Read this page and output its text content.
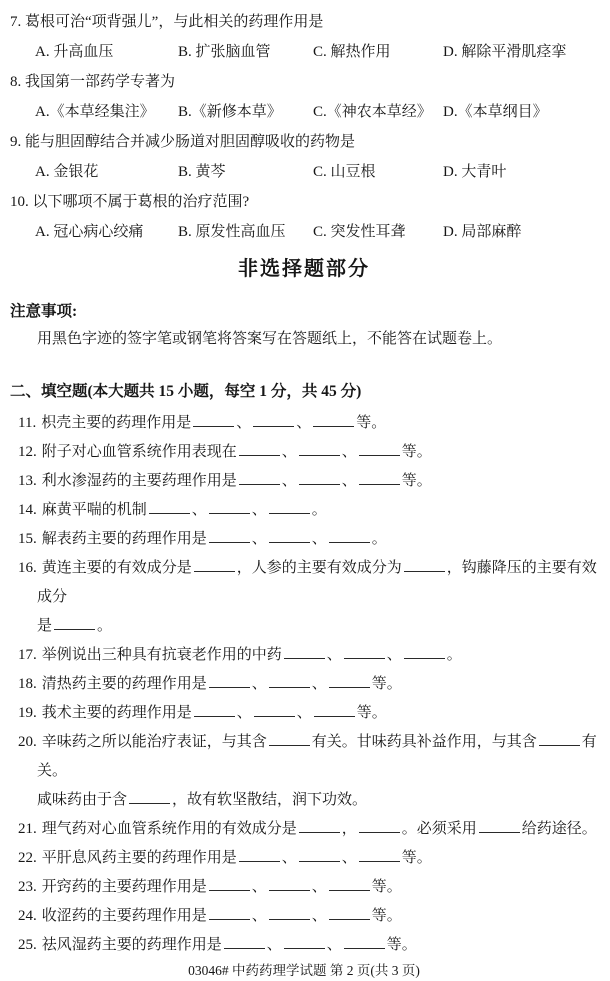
7. 葛根可治“项背强儿”，与此相关的药理作用是
A. 升高血压	B. 扩张脑血管	C. 解热作用	D. 解除平滑肌痉挛
8. 我国第一部药学专著为
A.《本草经集注》	B.《新修本草》	C.《神农本草经》 D.《本草纲目》
9. 能与胆固醇结合并减少肠道对胆固醇吸收的药物是
A. 金银花	B. 黄芩	C. 山豆根	D. 大青叶
10. 以下哪项不属于葛根的治疗范围?
A. 冠心病心绞痛	B. 原发性高血压	C. 突发性耳聋	D. 局部麻醉
非选择题部分
注意事项:
用黑色字迹的签字笔或钢笔将答案写在答题纸上，不能答在试题卷上。
二、填空题(本大题共 15 小题，每空 1 分，共 45 分)
11. 枳壳主要的药理作用是	、	、	等。
12. 附子对心血管系统作用表现在	、	、	等。
13. 利水渗湿药的主要药理作用是	、	、	等。
14. 麻黄平喘的机制	、	、	。
15. 解表药主要的药理作用是	、	、	。
16. 黄连主要的有效成分是	，人参的主要有效成分为	，钩藤降压的主要有效成分
是	。
17. 举例说出三种具有抗衰老作用的中药	、	、	。
18. 清热药主要的药理作用是	、	、	等。
19. 莪术主要的药理作用是	、	、	等。
20. 辛味药之所以能治疗表证，与其含	有关。甘味药具补益作用，与其含	有关。
咸味药由于含	，故有软坚散结，润下功效。
21. 理气药对心血管系统作用的有效成分是	，	。必须采用	给药途径。
22. 平肝息风药主要的药理作用是	、	、	等。
23. 开窍药的主要药理作用是	、	、	等。
24. 收涩药的主要药理作用是	、	、	等。
25. 祛风湿药主要的药理作用是	、	、	等。
03046# 中药药理学试题 第 2 页(共 3 页)
